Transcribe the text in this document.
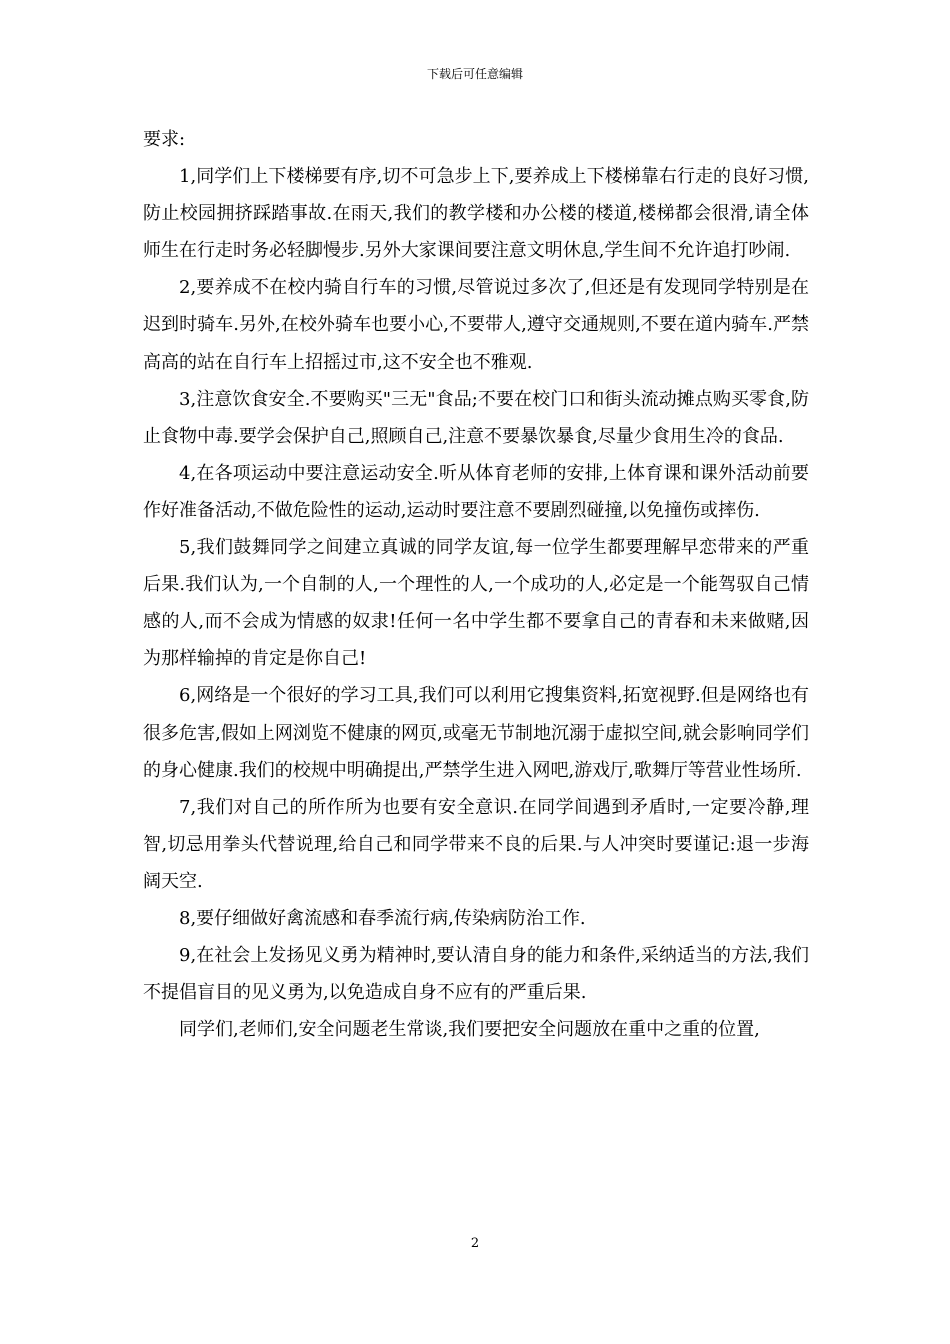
下载后可任意编辑

要求:

1,同学们上下楼梯要有序,切不可急步上下,要养成上下楼梯靠右行走的良好习惯,防止校园拥挤踩踏事故.在雨天,我们的教学楼和办公楼的楼道,楼梯都会很滑,请全体师生在行走时务必轻脚慢步.另外大家课间要注意文明休息,学生间不允许追打吵闹.

2,要养成不在校内骑自行车的习惯,尽管说过多次了,但还是有发现同学特别是在迟到时骑车.另外,在校外骑车也要小心,不要带人,遵守交通规则,不要在道内骑车.严禁高高的站在自行车上招摇过市,这不安全也不雅观.

3,注意饮食安全.不要购买"三无"食品;不要在校门口和街头流动摊点购买零食,防止食物中毒.要学会保护自己,照顾自己,注意不要暴饮暴食,尽量少食用生冷的食品.

4,在各项运动中要注意运动安全.听从体育老师的安排,上体育课和课外活动前要作好准备活动,不做危险性的运动,运动时要注意不要剧烈碰撞,以免撞伤或摔伤.

5,我们鼓舞同学之间建立真诚的同学友谊,每一位学生都要理解早恋带来的严重后果.我们认为,一个自制的人,一个理性的人,一个成功的人,必定是一个能驾驭自己情感的人,而不会成为情感的奴隶!任何一名中学生都不要拿自己的青春和未来做赌,因为那样输掉的肯定是你自己!

6,网络是一个很好的学习工具,我们可以利用它搜集资料,拓宽视野.但是网络也有很多危害,假如上网浏览不健康的网页,或毫无节制地沉溺于虚拟空间,就会影响同学们的身心健康.我们的校规中明确提出,严禁学生进入网吧,游戏厅,歌舞厅等营业性场所.

7,我们对自己的所作所为也要有安全意识.在同学间遇到矛盾时,一定要冷静,理智,切忌用拳头代替说理,给自己和同学带来不良的后果.与人冲突时要谨记:退一步海阔天空.

8,要仔细做好禽流感和春季流行病,传染病防治工作.

9,在社会上发扬见义勇为精神时,要认清自身的能力和条件,采纳适当的方法,我们不提倡盲目的见义勇为,以免造成自身不应有的严重后果.

同学们,老师们,安全问题老生常谈,我们要把安全问题放在重中之重的位置,

2
